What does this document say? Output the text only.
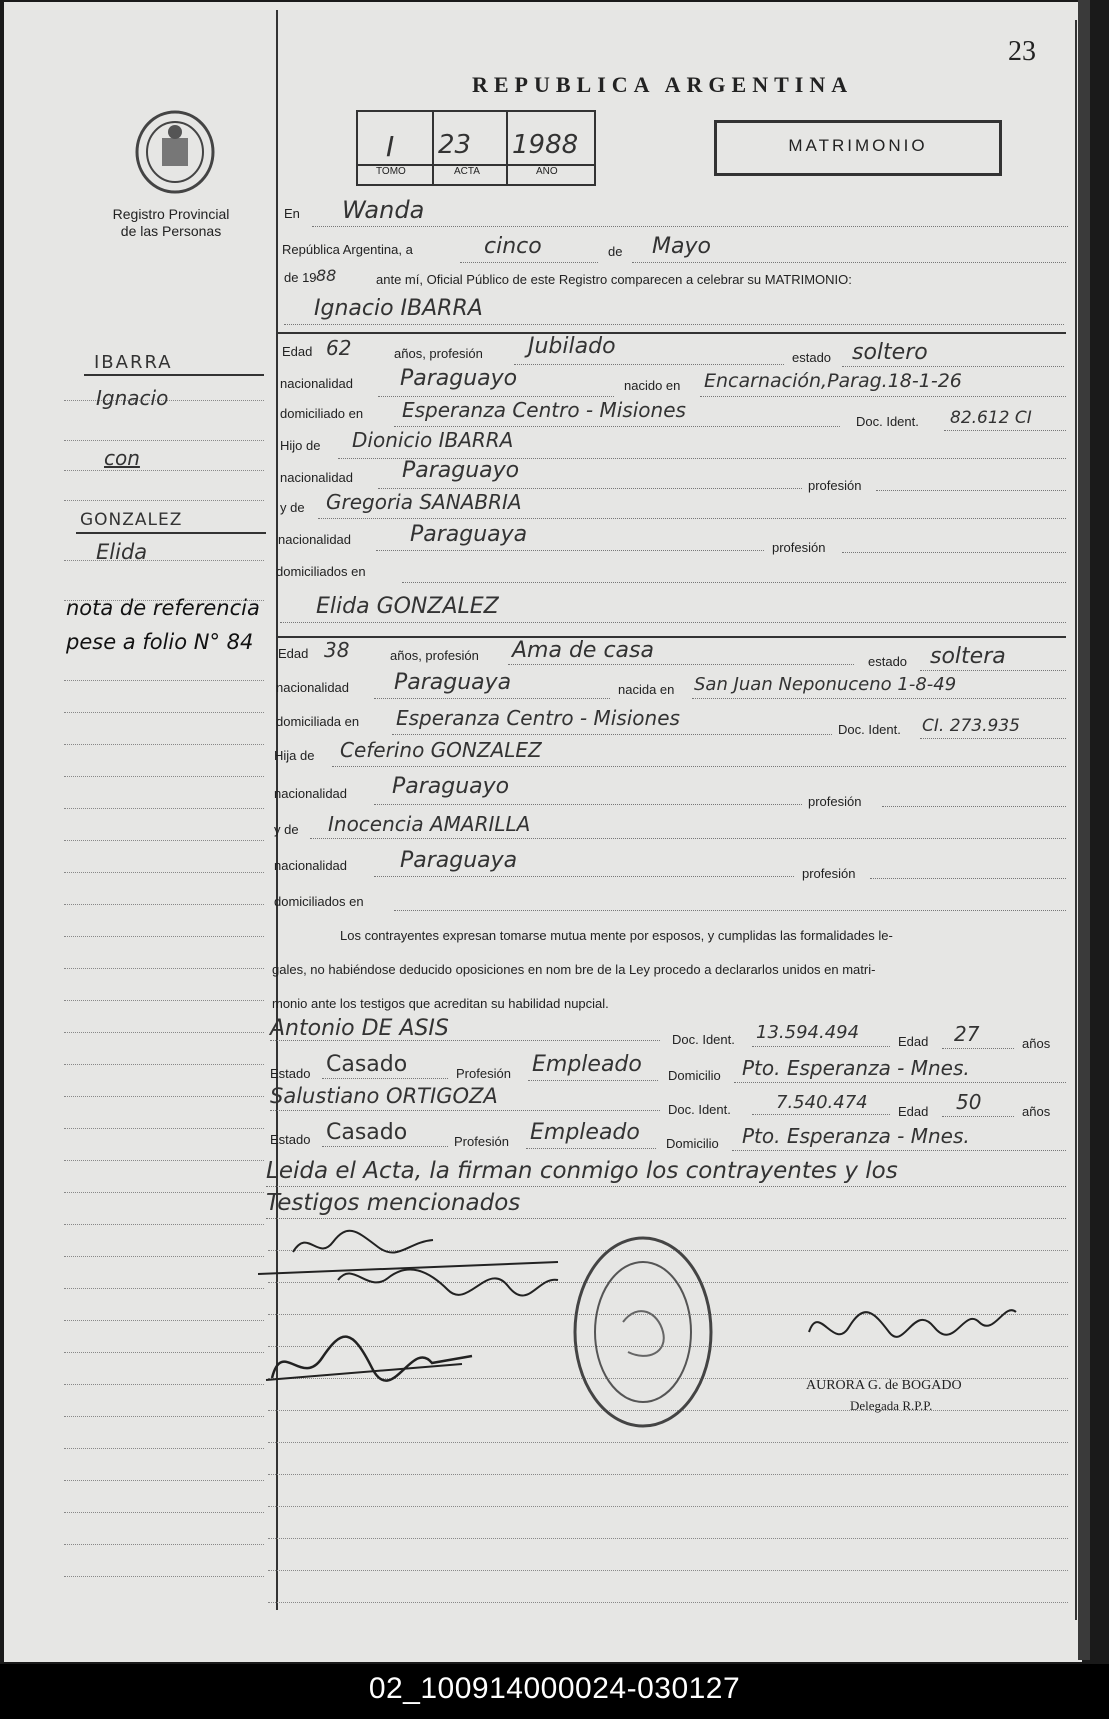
23
REPUBLICA ARGENTINA
Registro Provincial
de las Personas
I 23 1988
TOMO	ACTA	AÑO
MATRIMONIO
IBARRA
Ignacio
con
GONZALEZ
Elida
nota de referencia
pese a folio N° 84
En Wanda
República Argentina, a	cinco	de Mayo
de 19 88	ante mí, Oficial Público de este Registro comparecen a celebrar su MATRIMONIO:
Ignacio IBARRA
Edad 62	años, profesión Jubilado	estado soltero
nacionalidad Paraguayo	nacido en Encarnación,Parag.18-1-26
domiciliado en Esperanza Centro - Misiones	Doc. Ident. 82.612 CI
Hijo de Dionicio IBARRA
nacionalidad Paraguayo
profesión
y de Gregoria SANABRIA
nacionalidad	Paraguaya
profesión
domiciliados en
Elida GONZALEZ
Edad 38	años, profesión Ama de casa	estado soltera
nacionalidad Paraguaya	nacida en San Juan Neponuceno 1-8-49
domiciliada en Esperanza Centro - Misiones	Doc. Ident. CI. 273.935
Hija de Ceferino GONZALEZ
nacionalidad Paraguayo
profesión
y de Inocencia AMARILLA
nacionalidad Paraguaya
profesión
domiciliados en
Los contrayentes expresan tomarse mutua mente por esposos, y cumplidas las formalidades le-
gales, no habiéndose deducido oposiciones en nom bre de la Ley procedo a declararlos unidos en matri-
monio ante los testigos que acreditan su habilidad nupcial.
Antonio DE ASIS	Doc. Ident. 13.594.494	Edad 27	años
Estado Casado	Profesión Empleado Domicilio Pto. Esperanza - Mnes.
Salustiano ORTIGOZA
Doc. Ident.	7.540.474 Edad 50	años
Estado Casado	Profesión Empleado Domicilio Pto. Esperanza - Mnes.
Leida el Acta, la firman conmigo los contrayentes y los
Testigos mencionados
AURORA G. de BOGADO
Delegada R.P.P.
02_100914000024-030127
